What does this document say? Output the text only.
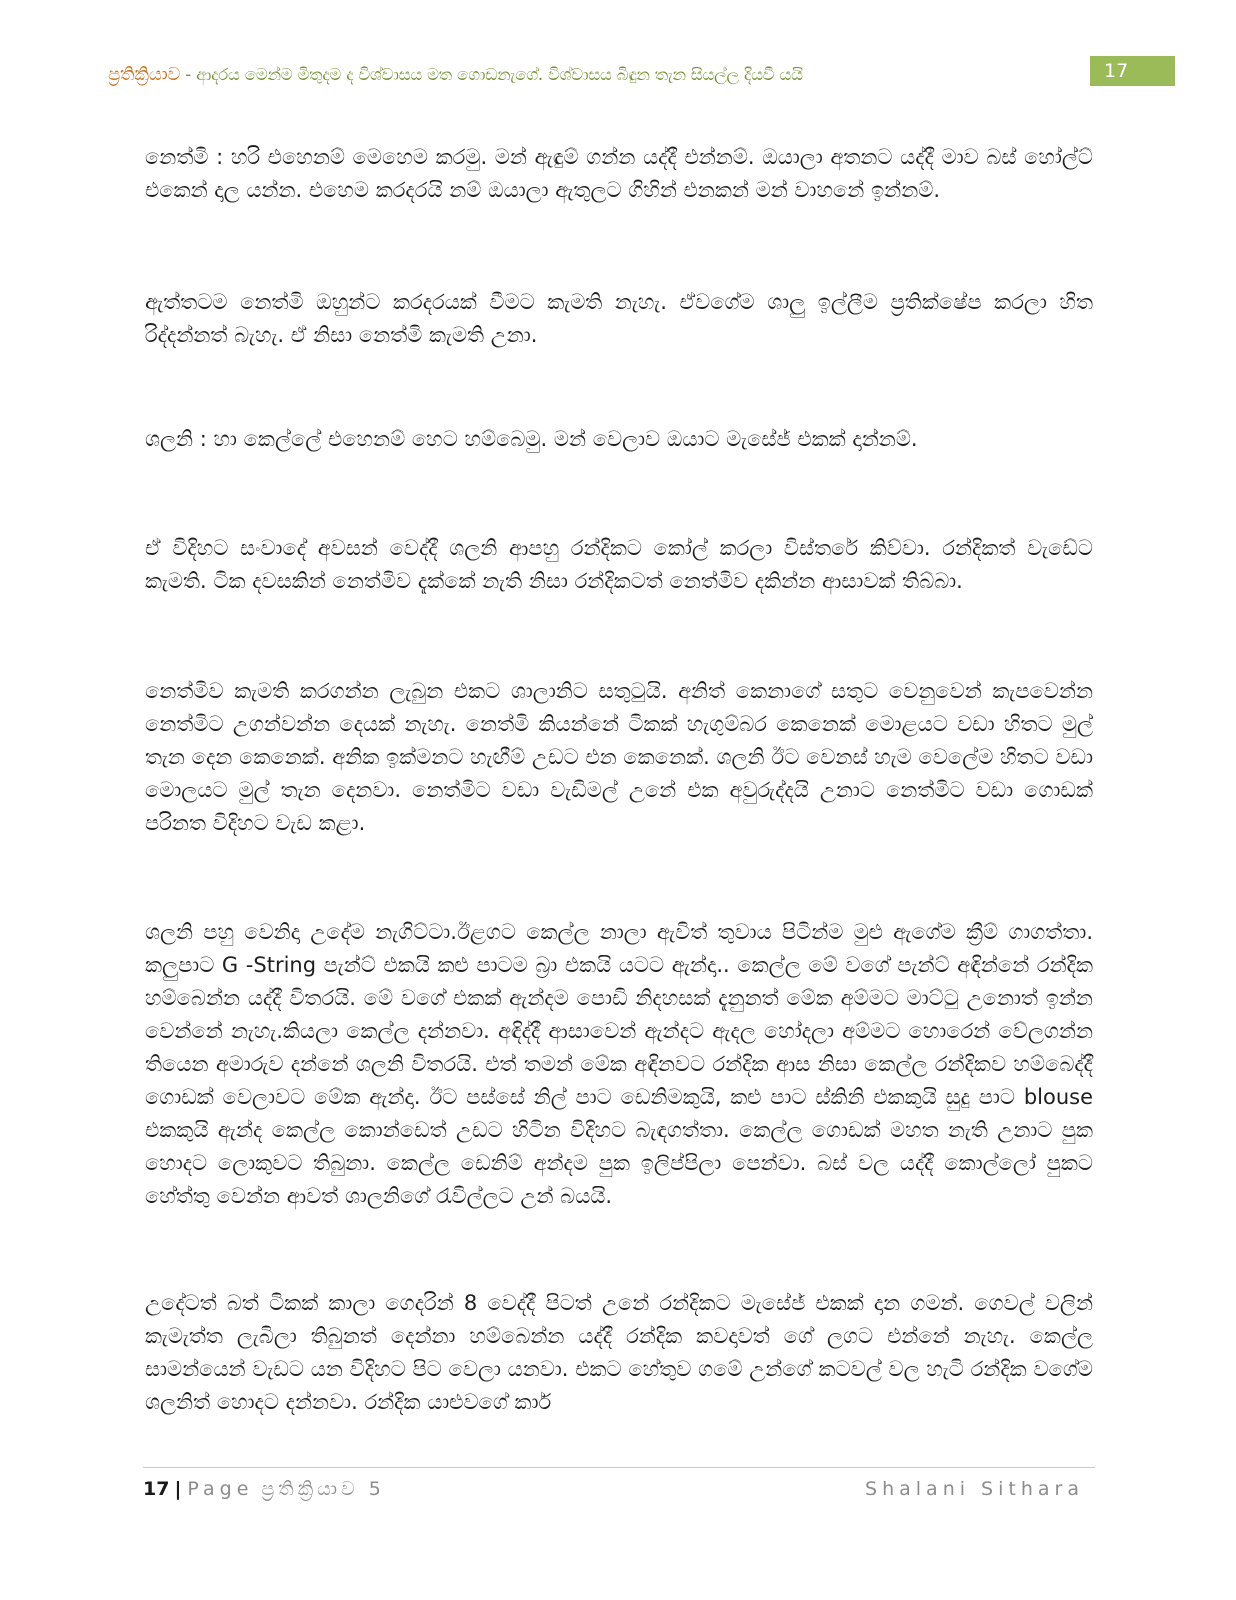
ප්‍රතික්‍රියාව - ආදරය මෙන්ම මිතුදම ද විශ්වාසය මත ගොඩනැගේ. විශ්වාසය බිඳුන තැන සියල්ල දියවී යයි	17

නෙත්මි : හරි එහෙනම් මෙහෙම කරමු. මන් ඇඳුම් ගන්න යද්දී එන්නම්. ඔයාලා අතනට යද්දී මාව බස් හෝල්ට් එකෙන් දාල යන්න. එහෙම කරදරයි නම් ඔයාලා ඇතුලට ගිහින් එනකන් මන් වාහනේ ඉන්නම්.

ඇත්තටම නෙත්මි ඔහුන්ට කරදරයක් වීමට කැමති නැහැ. ඒවගේම ශාලු ඉල්ලීම ප්‍රතික්ෂේප කරලා හිත රිද්දන්නත් බැහැ. ඒ නිසා නෙත්මි කැමති උනා.

ශලනි : හා කෙල්ලේ එහෙනම් හෙට හම්බෙමු. මන් වෙලාව ඔයාට මැසේජ් එකක් දාන්නම්.

ඒ විදිහට සංවාදේ අවසන් වෙද්දී ශලනි ආපහු රන්දිකට කෝල් කරලා විස්තරේ කිව්වා. රන්දිකත් වැඩේට කැමති. ටික දවසකින් නෙත්මිව දැක්කේ නැති නිසා රන්දිකටත් නෙත්මිව දකින්න ආසාවක් තිබ්බා.

නෙත්මිව කැමති කරගන්න ලැබුන එකට ශාලානිට සතුටුයි. අනිත් කෙනාගේ සතුට වෙනුවෙන් කැපවෙන්න නෙත්මිට උගන්වන්න දෙයක් නැහැ. නෙත්මි කියන්නේ ටිකක් හැගුම්බර කෙනෙක් මොළයට වඩා හිතට මුල් තැන දෙන කෙනෙක්. අනික ඉක්මනට හැඟීම් උඩට එන කෙනෙක්. ශලනි ඊට වෙනස් හැම වෙලේම හිතට වඩා මොලයට මුල් තැන දෙනවා. නෙත්මිට වඩා වැඩිමල් උනේ එක අවුරුද්දයි උනාට නෙත්මිට වඩා ගොඩක් පරිනත විදිහට වැඩ කළා.

ශලනි පහු වෙනිදා උදේම නැගිට්ටා.ඊළගට කෙල්ල නාලා ඇවිත් තුවාය පිටින්ම මුළු ඇගේම ක්‍රීම් ගාගත්තා. කලුපාට G -String පැන්ට් එකයි කළු පාටම බ්‍රා එකයි යටට ඇන්දා.. කෙල්ල මේ වගේ පැන්ට් අඳින්නේ රන්දික හම්බෙන්න යද්දී විතරයි. මේ වගේ එකක් ඇන්දම පොඩි නිදහසක් දැනුනත් මේක අම්මට මාට්ටු උනොත් ඉන්න වෙන්නේ නැහැ.කියලා කෙල්ල දන්නවා. අඳිද්දී ආසාවෙන් ඇන්දට ඇදල හෝදලා අම්මට හොරෙන් වේලගන්න තියෙන අමාරුව දන්නේ ශලනි විතරයි. එත් තමන් මේක අඳිනවට රන්දික ආස නිසා කෙල්ල රන්දිකව හම්බෙද්දී ගොඩක් වෙලාවට මේක ඇන්දා. ඊට පස්සේ නිල් පාට ඩෙනිමකුයි, කළු පාට ස්කිනි එකකුයි සුදු පාට blouse එකකුයි ඇන්ද කෙල්ල කොන්ඩෙත් උඩට හිටින විදිහට බැඳගත්තා. කෙල්ල ගොඩක් මහත නැති උනාට පුක හොදට ලොකුවට තිබුනා. කෙල්ල ඩෙනිම් අන්දම පුක ඉලිප්පිලා පෙන්වා. බස් වල යද්දී කොල්ලෝ පුකට හේත්තු වෙන්න ආවත් ශාලනිගේ රැවිල්ලට උන් බයයි.

උදේටත් බත් ටිකක් කාලා ගෙදරින් 8 වෙද්දී පිටත් උනේ රන්දිකට මැසේජ් එකක් දාන ගමන්. ගෙවල් වලින් කැමැත්ත ලැබිලා තිබුනත් දෙන්නා හම්බෙන්න යද්දී රන්දික කවදාවත් ගේ ලගට එන්නේ නැහැ. කෙල්ල සාමන්යෙන් වැඩට යන විදිහට පිට වෙලා යනවා. එකට හේතුව ගමේ උන්ගේ කටවල් වල හැටි රන්දික වගේම ශලනිත් හොදට දන්නවා. රන්දික යාළුවගේ කාර්

17 | Page ප්‍රතික්‍රියාව 5	Shalani Sithara
